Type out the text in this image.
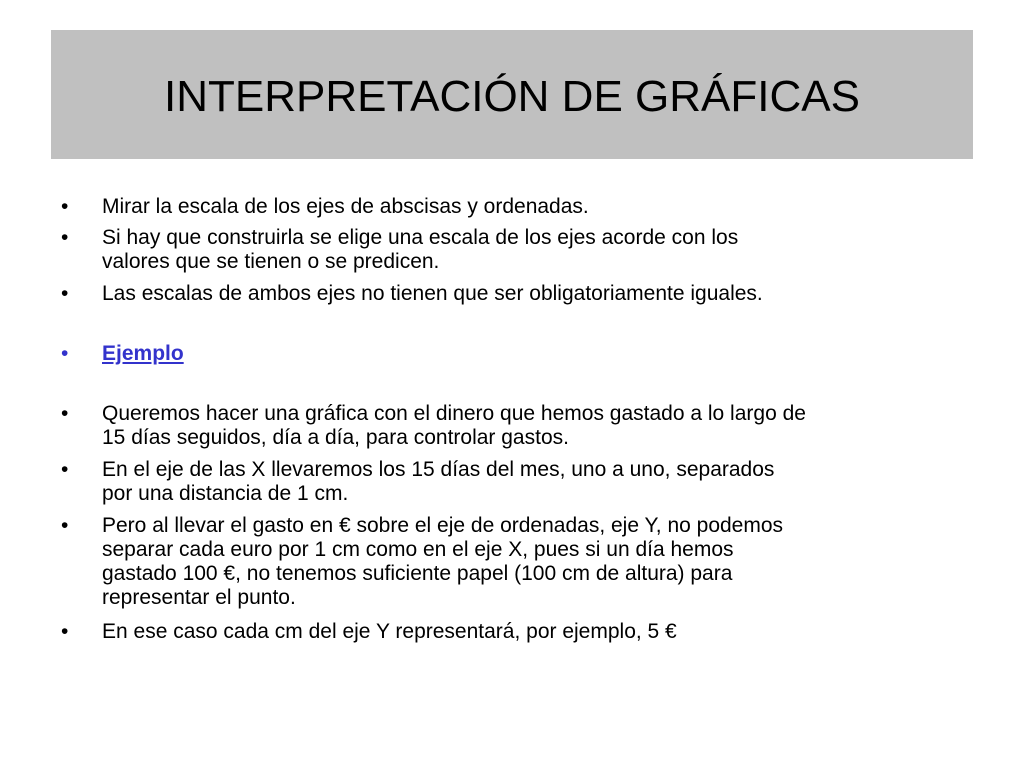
INTERPRETACIÓN DE GRÁFICAS
•	Mirar la escala de los ejes de abscisas y ordenadas.
•	Si hay que construirla se elige una escala de los ejes acorde con los
valores que se tienen o se predicen.
•	Las escalas de ambos ejes no tienen que ser obligatoriamente iguales.
•	Ejemplo
•	Queremos hacer una gráfica con el dinero que hemos gastado a lo largo de
15 días seguidos, día a día, para controlar gastos.
•	En el eje de las X llevaremos los 15 días del mes, uno a uno, separados
por una distancia de 1 cm.
•	Pero al llevar el gasto en € sobre el eje de ordenadas, eje Y, no podemos
separar cada euro por 1 cm como en el eje X, pues si un día hemos
gastado 100 €, no tenemos suficiente papel (100 cm de altura) para
representar el punto.
•	En ese caso cada cm del eje Y representará, por ejemplo, 5 €
